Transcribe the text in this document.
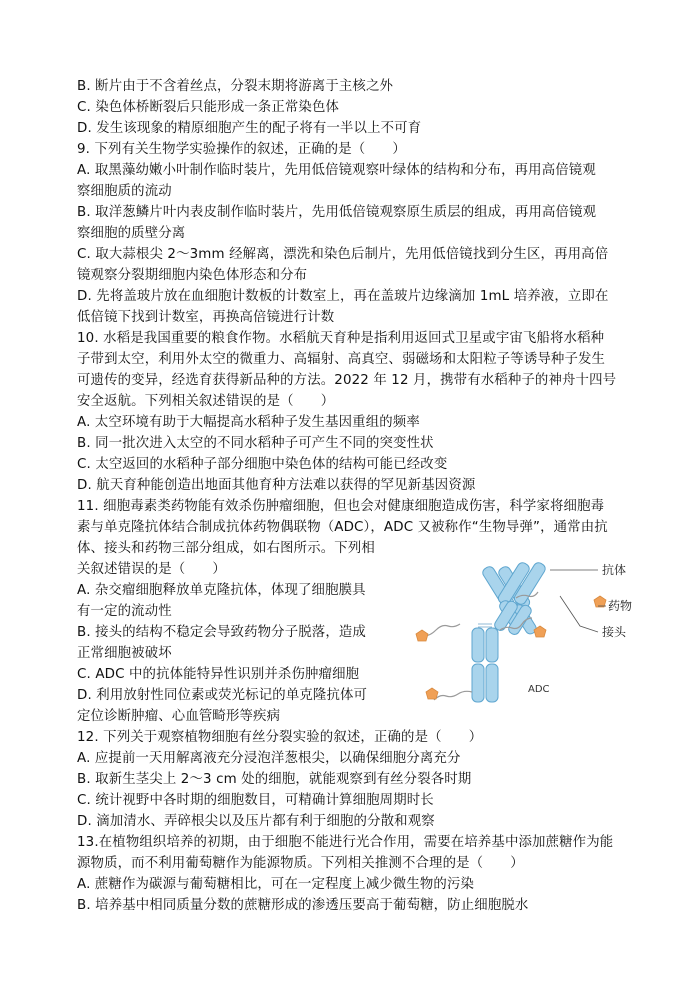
B. 断片由于不含着丝点，分裂末期将游离于主核之外
C. 染色体桥断裂后只能形成一条正常染色体
D. 发生该现象的精原细胞产生的配子将有一半以上不可育
9. 下列有关生物学实验操作的叙述，正确的是（　　）
A. 取黑藻幼嫩小叶制作临时装片，先用低倍镜观察叶绿体的结构和分布，再用高倍镜观
察细胞质的流动
B. 取洋葱鳞片叶内表皮制作临时装片，先用低倍镜观察原生质层的组成，再用高倍镜观
察细胞的质壁分离
C. 取大蒜根尖 2～3mm 经解离，漂洗和染色后制片，先用低倍镜找到分生区，再用高倍
镜观察分裂期细胞内染色体形态和分布
D. 先将盖玻片放在血细胞计数板的计数室上，再在盖玻片边缘滴加 1mL 培养液，立即在
低倍镜下找到计数室，再换高倍镜进行计数
10. 水稻是我国重要的粮食作物。水稻航天育种是指利用返回式卫星或宇宙飞船将水稻种
子带到太空，利用外太空的微重力、高辐射、高真空、弱磁场和太阳粒子等诱导种子发生
可遗传的变异，经选育获得新品种的方法。2022 年 12 月，携带有水稻种子的神舟十四号
安全返航。下列相关叙述错误的是（　　）
A. 太空环境有助于大幅提高水稻种子发生基因重组的频率
B. 同一批次进入太空的不同水稻种子可产生不同的突变性状
C. 太空返回的水稻种子部分细胞中染色体的结构可能已经改变
D. 航天育种能创造出地面其他育种方法难以获得的罕见新基因资源
11. 细胞毒素类药物能有效杀伤肿瘤细胞，但也会对健康细胞造成伤害，科学家将细胞毒
素与单克隆抗体结合制成抗体药物偶联物（ADC），ADC 又被称作“生物导弹”，通常由抗
体、接头和药物三部分组成，如右图所示。下列相
关叙述错误的是（　　）
A. 杂交瘤细胞释放单克隆抗体，体现了细胞膜具
有一定的流动性
B. 接头的结构不稳定会导致药物分子脱落，造成
正常细胞被破坏
C. ADC 中的抗体能特异性识别并杀伤肿瘤细胞
D. 利用放射性同位素或荧光标记的单克隆抗体可
定位诊断肿瘤、心血管畸形等疾病
12. 下列关于观察植物细胞有丝分裂实验的叙述，正确的是（　　）
A. 应提前一天用解离液充分浸泡洋葱根尖，以确保细胞分离充分
B. 取新生茎尖上 2～3 cm 处的细胞，就能观察到有丝分裂各时期
C. 统计视野中各时期的细胞数目，可精确计算细胞周期时长
D. 滴加清水、弄碎根尖以及压片都有利于细胞的分散和观察
13.在植物组织培养的初期，由于细胞不能进行光合作用，需要在培养基中添加蔗糖作为能
源物质，而不利用葡萄糖作为能源物质。下列相关推测不合理的是（　　）
A. 蔗糖作为碳源与葡萄糖相比，可在一定程度上减少微生物的污染
B. 培养基中相同质量分数的蔗糖形成的渗透压要高于葡萄糖，防止细胞脱水
抗体
药物
接头
ADC
